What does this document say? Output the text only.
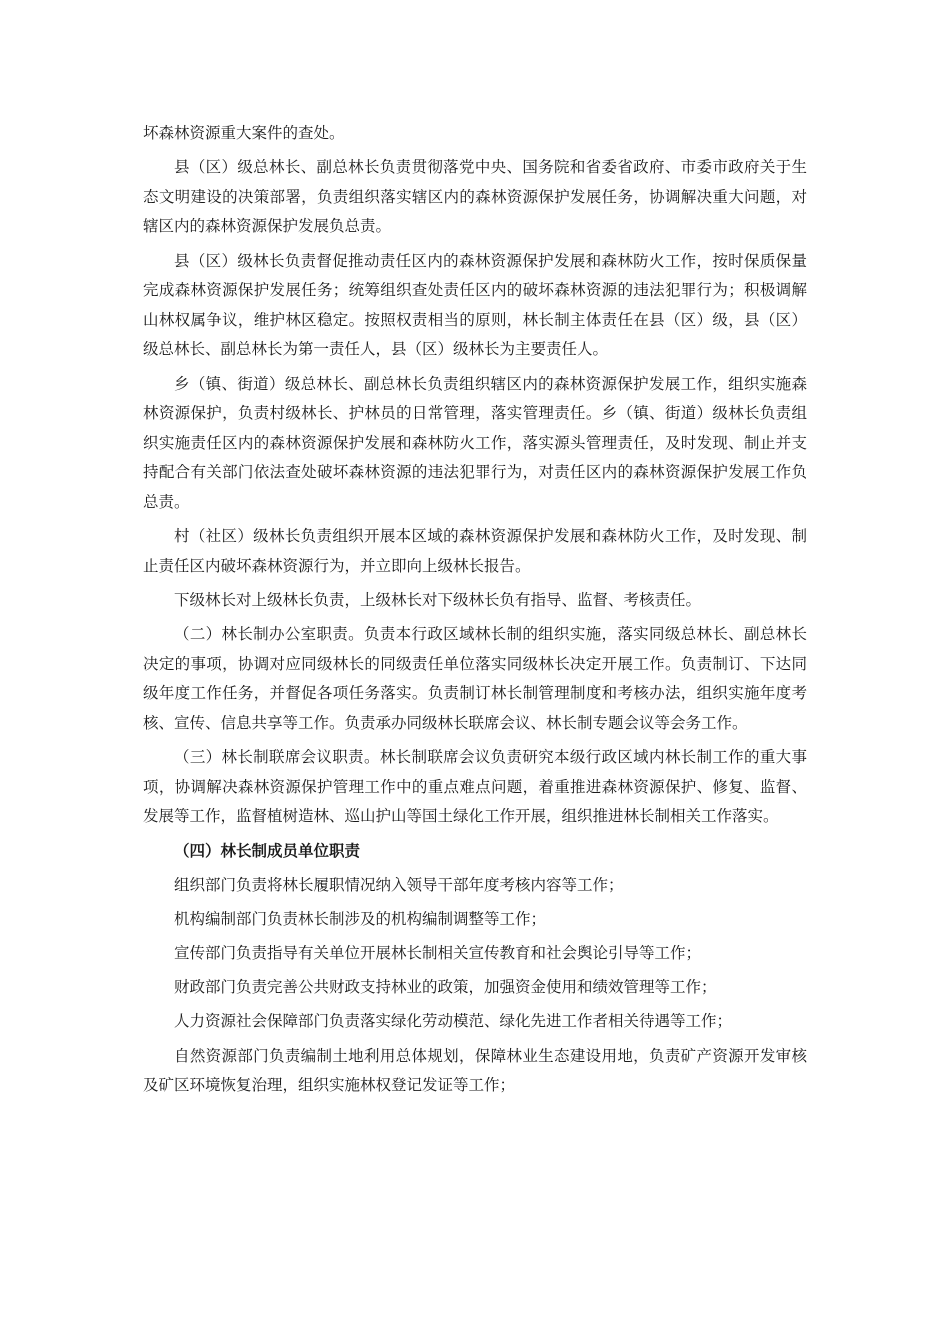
坏森林资源重大案件的查处。

县（区）级总林长、副总林长负责贯彻落党中央、国务院和省委省政府、市委市政府关于生态文明建设的决策部署，负责组织落实辖区内的森林资源保护发展任务，协调解决重大问题，对辖区内的森林资源保护发展负总责。

县（区）级林长负责督促推动责任区内的森林资源保护发展和森林防火工作，按时保质保量完成森林资源保护发展任务；统筹组织查处责任区内的破坏森林资源的违法犯罪行为；积极调解山林权属争议，维护林区稳定。按照权责相当的原则，林长制主体责任在县（区）级，县（区）级总林长、副总林长为第一责任人，县（区）级林长为主要责任人。

乡（镇、街道）级总林长、副总林长负责组织辖区内的森林资源保护发展工作，组织实施森林资源保护，负责村级林长、护林员的日常管理，落实管理责任。乡（镇、街道）级林长负责组织实施责任区内的森林资源保护发展和森林防火工作，落实源头管理责任，及时发现、制止并支持配合有关部门依法查处破坏森林资源的违法犯罪行为，对责任区内的森林资源保护发展工作负总责。

村（社区）级林长负责组织开展本区域的森林资源保护发展和森林防火工作，及时发现、制止责任区内破坏森林资源行为，并立即向上级林长报告。

下级林长对上级林长负责，上级林长对下级林长负有指导、监督、考核责任。

（二）林长制办公室职责。负责本行政区域林长制的组织实施，落实同级总林长、副总林长决定的事项，协调对应同级林长的同级责任单位落实同级林长决定开展工作。负责制订、下达同级年度工作任务，并督促各项任务落实。负责制订林长制管理制度和考核办法，组织实施年度考核、宣传、信息共享等工作。负责承办同级林长联席会议、林长制专题会议等会务工作。

（三）林长制联席会议职责。林长制联席会议负责研究本级行政区域内林长制工作的重大事项，协调解决森林资源保护管理工作中的重点难点问题，着重推进森林资源保护、修复、监督、发展等工作，监督植树造林、巡山护山等国土绿化工作开展，组织推进林长制相关工作落实。

（四）林长制成员单位职责

组织部门负责将林长履职情况纳入领导干部年度考核内容等工作；

机构编制部门负责林长制涉及的机构编制调整等工作；

宣传部门负责指导有关单位开展林长制相关宣传教育和社会舆论引导等工作；

财政部门负责完善公共财政支持林业的政策，加强资金使用和绩效管理等工作；

人力资源社会保障部门负责落实绿化劳动模范、绿化先进工作者相关待遇等工作；

自然资源部门负责编制土地利用总体规划，保障林业生态建设用地，负责矿产资源开发审核及矿区环境恢复治理，组织实施林权登记发证等工作；
